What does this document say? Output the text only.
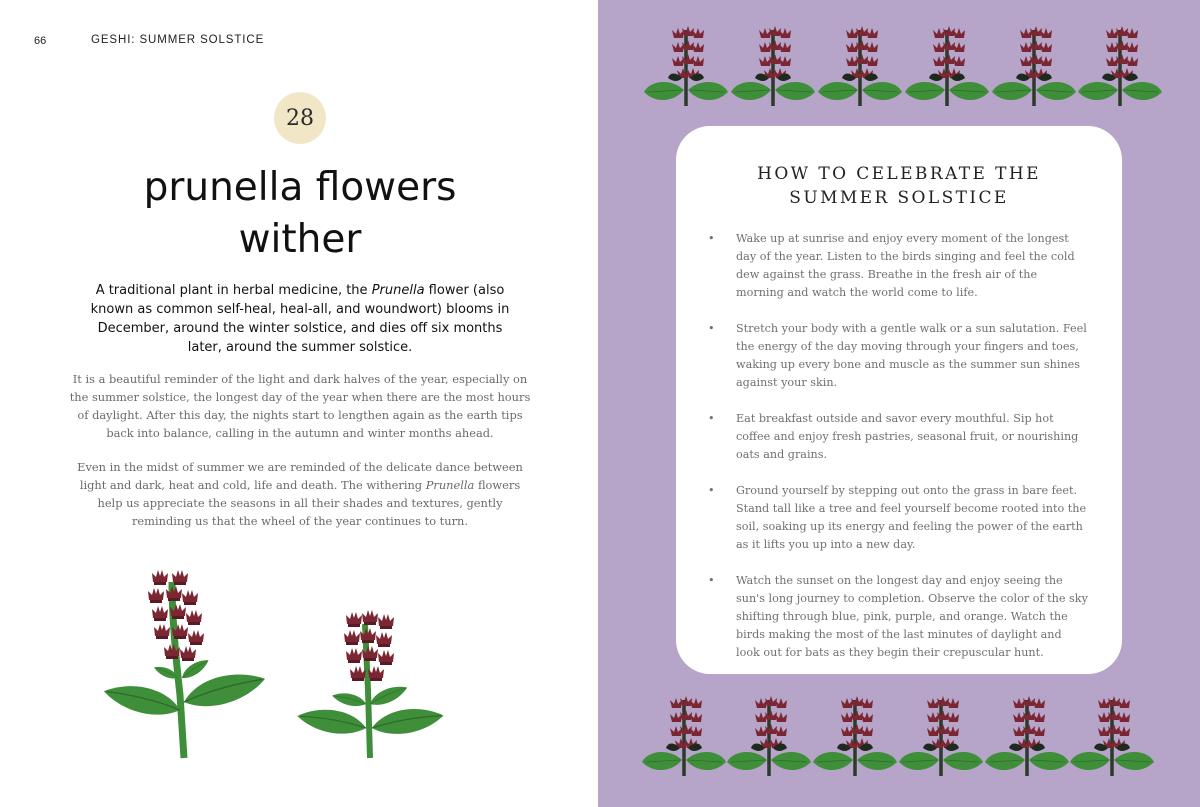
66	GESHI: SUMMER SOLSTICE
28
prunella flowers
wither

A traditional plant in herbal medicine, the Prunella flower (also known as common self-heal, heal-all, and woundwort) blooms in December, around the winter solstice, and dies off six months later, around the summer solstice.

It is a beautiful reminder of the light and dark halves of the year, especially on the summer solstice, the longest day of the year when there are the most hours of daylight. After this day, the nights start to lengthen again as the earth tips back into balance, calling in the autumn and winter months ahead.

Even in the midst of summer we are reminded of the delicate dance between light and dark, heat and cold, life and death. The withering Prunella flowers help us appreciate the seasons in all their shades and textures, gently reminding us that the wheel of the year continues to turn.

HOW TO CELEBRATE THE
SUMMER SOLSTICE
• Wake up at sunrise and enjoy every moment of the longest day of the year. Listen to the birds singing and feel the cold dew against the grass. Breathe in the fresh air of the morning and watch the world come to life.
• Stretch your body with a gentle walk or a sun salutation. Feel the energy of the day moving through your fingers and toes, waking up every bone and muscle as the summer sun shines against your skin.
• Eat breakfast outside and savor every mouthful. Sip hot coffee and enjoy fresh pastries, seasonal fruit, or nourishing oats and grains.
• Ground yourself by stepping out onto the grass in bare feet. Stand tall like a tree and feel yourself become rooted into the soil, soaking up its energy and feeling the power of the earth as it lifts you up into a new day.
• Watch the sunset on the longest day and enjoy seeing the sun's long journey to completion. Observe the color of the sky shifting through blue, pink, purple, and orange. Watch the birds making the most of the last minutes of daylight and look out for bats as they begin their crepuscular hunt.
